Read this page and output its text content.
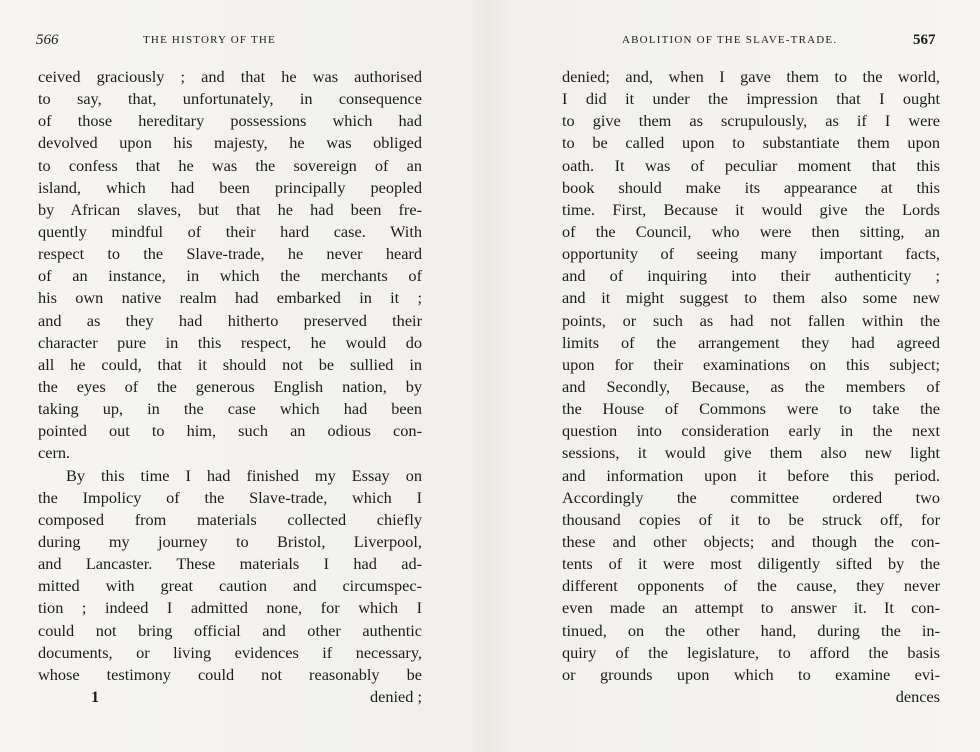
566	THE HISTORY OF THE
ceived graciously ; and that he was authorised
to say, that, unfortunately, in consequence
of those hereditary possessions which had
devolved upon his majesty, he was obliged
to confess that he was the sovereign of an
island, which had been principally peopled
by African slaves, but that he had been fre-
quently mindful of their hard case. With
respect to the Slave-trade, he never heard
of an instance, in which the merchants of
his own native realm had embarked in it ;
and as they had hitherto preserved their
character pure in this respect, he would do
all he could, that it should not be sullied in
the eyes of the generous English nation, by
taking up, in the case which had been
pointed out to him, such an odious con-
cern.
By this time I had finished my Essay on
the Impolicy of the Slave-trade, which I
composed from materials collected chiefly
during my journey to Bristol, Liverpool,
and Lancaster. These materials I had ad-
mitted with great caution and circumspec-
tion ; indeed I admitted none, for which I
could not bring official and other authentic
documents, or living evidences if necessary,
whose testimony could not reasonably be
1	denied ;
ABOLITION OF THE SLAVE-TRADE.	567
denied; and, when I gave them to the world,
I did it under the impression that I ought
to give them as scrupulously, as if I were
to be called upon to substantiate them upon
oath. It was of peculiar moment that this
book should make its appearance at this
time. First, Because it would give the Lords
of the Council, who were then sitting, an
opportunity of seeing many important facts,
and of inquiring into their authenticity ;
and it might suggest to them also some new
points, or such as had not fallen within the
limits of the arrangement they had agreed
upon for their examinations on this subject;
and Secondly, Because, as the members of
the House of Commons were to take the
question into consideration early in the next
sessions, it would give them also new light
and information upon it before this period.
Accordingly the committee ordered two
thousand copies of it to be struck off, for
these and other objects; and though the con-
tents of it were most diligently sifted by the
different opponents of the cause, they never
even made an attempt to answer it. It con-
tinued, on the other hand, during the in-
quiry of the legislature, to afford the basis
or grounds upon which to examine evi-
dences
